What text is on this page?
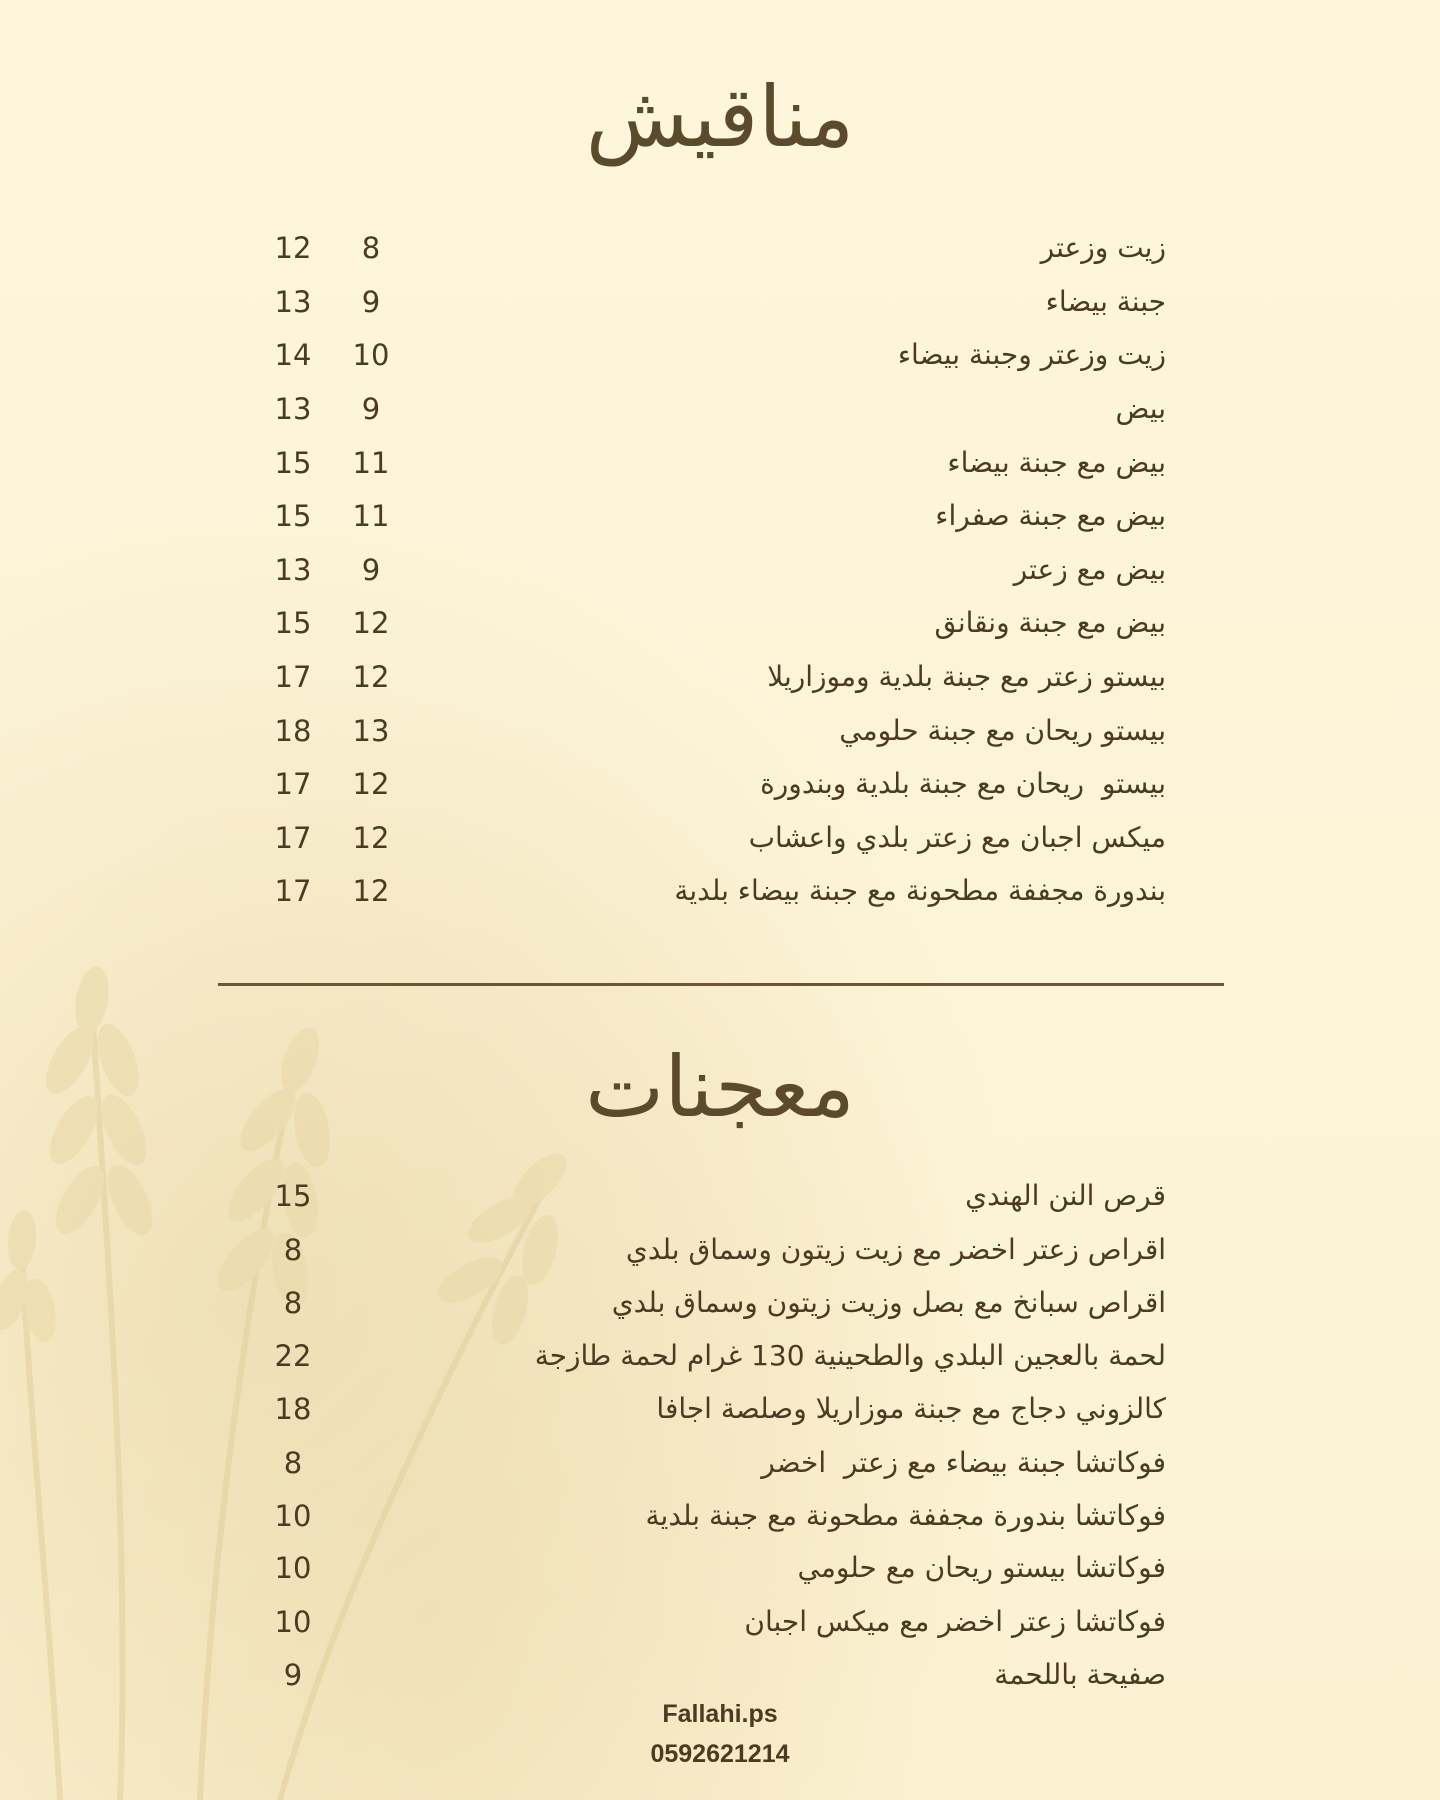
مناقيش
زيت وزعتر
8
12
جبنة بيضاء
9
13
زيت وزعتر وجبنة بيضاء
10
14
بيض
9
13
بيض مع جبنة بيضاء
11
15
بيض مع جبنة صفراء
11
15
بيض مع زعتر
9
13
بيض مع جبنة ونقانق
12
15
بيستو زعتر مع جبنة بلدية وموزاريلا
12
17
بيستو ريحان مع جبنة حلومي
13
18
بيستو  ريحان مع جبنة بلدية وبندورة
12
17
ميكس اجبان مع زعتر بلدي واعشاب
12
17
بندورة مجففة مطحونة مع جبنة بيضاء بلدية
12
17
معجنات
قرص النن الهندي
15
اقراص زعتر اخضر مع زيت زيتون وسماق بلدي
8
اقراص سبانخ مع بصل وزيت زيتون وسماق بلدي
8
لحمة بالعجين البلدي والطحينية 130 غرام لحمة طازجة
22
كالزوني دجاج مع جبنة موزاريلا وصلصة اجافا
18
فوكاتشا جبنة بيضاء مع زعتر  اخضر
8
فوكاتشا بندورة مجففة مطحونة مع جبنة بلدية
10
فوكاتشا بيستو ريحان مع حلومي
10
فوكاتشا زعتر اخضر مع ميكس اجبان
10
صفيحة باللحمة
9
Fallahi.ps
0592621214
